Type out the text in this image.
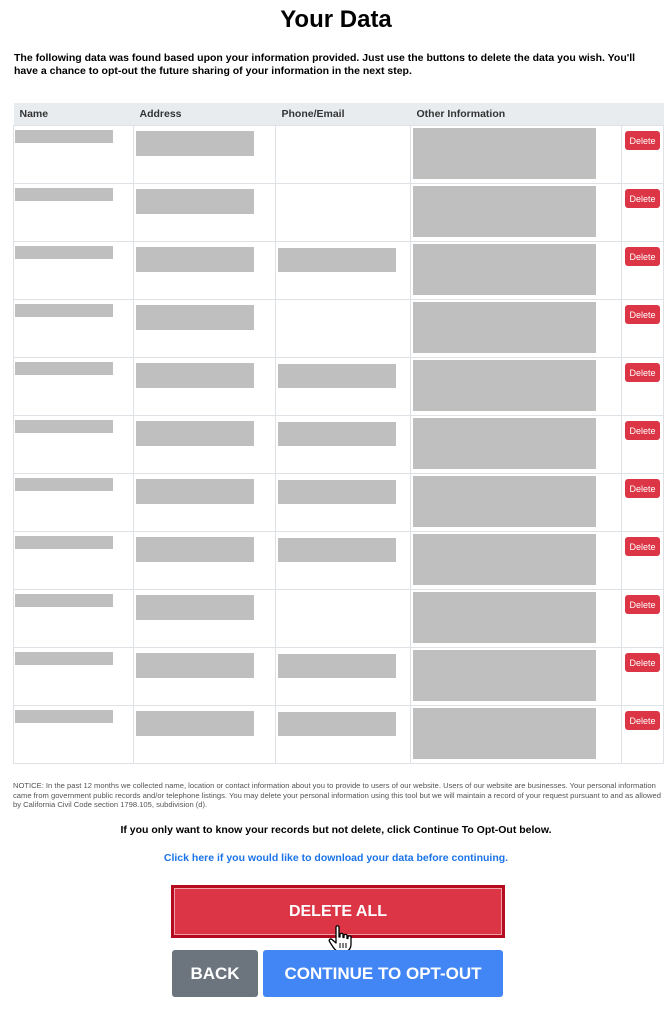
Your Data
The following data was found based upon your information provided. Just use the buttons to delete the data you wish. You'll have a chance to opt-out the future sharing of your information in the next step.
Name	Address	Phone/Email	Other Information	

Delete

Delete

Delete

Delete

Delete

Delete

Delete

Delete

Delete

Delete

Delete
NOTICE: In the past 12 months we collected name, location or contact information about you to provide to users of our website. Users of our website are businesses. Your personal information came from government public records and/or telephone listings. You may delete your personal information using this tool but we will maintain a record of your request pursuant to and as allowed by California Civil Code section 1798.105, subdivision (d).
If you only want to know your records but not delete, click Continue To Opt-Out below.
Click here if you would like to download your data before continuing.
DELETE ALL
BACK	CONTINUE TO OPT-OUT
